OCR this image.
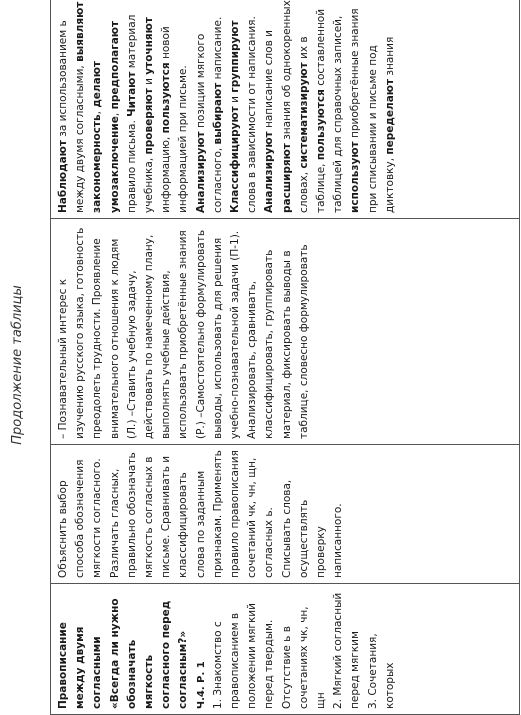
Продолжение таблицы

Правописание между двумя согласными «Всегда ли нужно обозначать мягкость согласного перед согласным?» Ч.4. Р. 1 1. Знакомство с правописанием в положении мягкий перед твердым. Отсутствие ь в сочетаниях чк, чн, щн 2. Мягкий согласный перед мягким 3. Сочетания, которых

Объяснить выбор способа обозначения мягкости согласного. Различать гласных, правильно обозначать мягкость согласных в письме. Сравнивать и классифицировать слова по заданным признакам. Применять правило правописания сочетаний чк, чн, щн, согласных ь. Списывать слова, осуществлять проверку написанного.

– Познавательный интерес к изучению русского языка, готовность преодолеть трудности. Проявление внимательного отношения к людям (Л.) –Ставить учебную задачу, действовать по намеченному плану, выполнять учебные действия, использовать приобретённые знания (Р.) –Самостоятельно формулировать выводы, использовать для решения учебно-познавательной задачи (П-1). Анализировать, сравнивать, классифицировать, группировать материал, фиксировать выводы в таблице, словесно формулировать

Наблюдают за использованием ь между двумя согласными, выявляют закономерность, делают умозаключение, предполагают правило письма. Читают материал учебника, проверяют и уточняют информацию, пользуются новой информацией при письме. Анализируют позиции мягкого согласного, выбирают написание. Классифицируют и группируют слова в зависимости от написания. Анализируют написание слов и расширяют знания об однокоренных словах, систематизируют их в таблице, пользуются составленной таблицей для справочных записей, используют приобретённые знания при списывании и письме под диктовку, переделают знания
